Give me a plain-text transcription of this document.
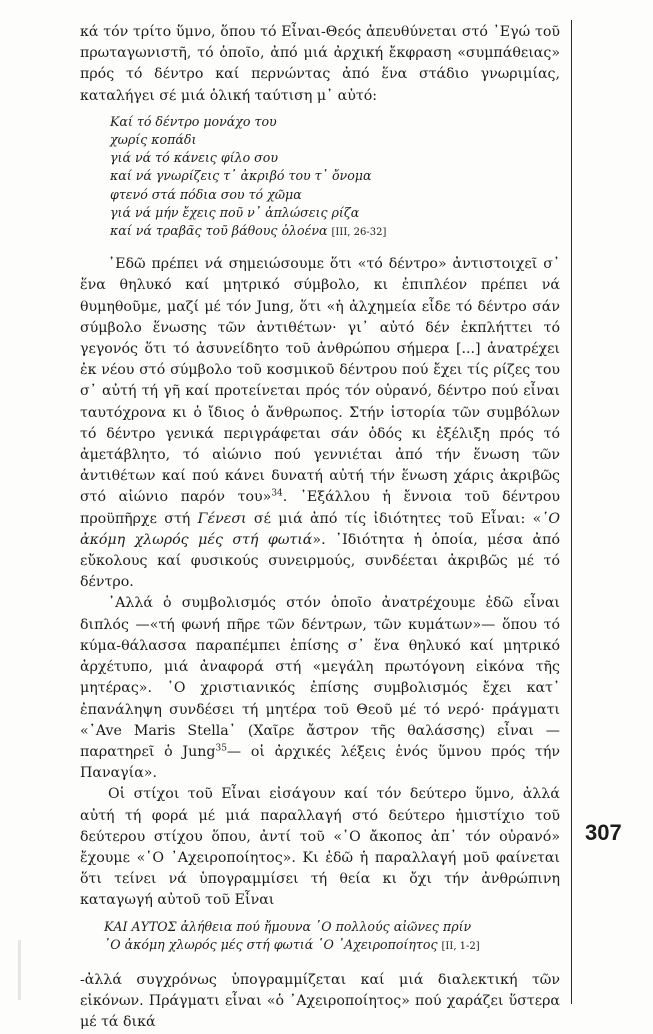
κά τόν τρίτο ὕμνο, ὅπου τό Εἶναι-Θεός ἀπευθύνεται στό ᾿Εγώ τοῦ πρωταγωνιστῆ, τό ὁποῖο, ἀπό μιά ἀρχική ἔκφραση «συμπάθειας» πρός τό δέντρο καί περνώντας ἀπό ἕνα στάδιο γνωριμίας, καταλήγει σέ μιά ὁλική ταύτιση μ᾿ αὐτό:

Καί τό δέντρο μονάχο του
χωρίς κοπάδι
γιά νά τό κάνεις φίλο σου
καί νά γνωρίζεις τ᾿ ἀκριβό του τ᾿ ὄνομα
φτενό στά πόδια σου τό χῶμα
γιά νά μήν ἔχεις ποῦ ν᾿ ἁπλώσεις ρίζα
καί νά τραβᾶς τοῦ βάθους ὁλοένα [ΙΙΙ, 26-32]

᾿Εδῶ πρέπει νά σημειώσουμε ὅτι «τό δέντρο» ἀντιστοιχεῖ σ᾿ ἕνα θηλυκό καί μητρικό σύμβολο, κι ἐπιπλέον πρέπει νά θυμηθοῦμε, μαζί μέ τόν Jung, ὅτι «ἡ ἀλχημεία εἶδε τό δέντρο σάν σύμβολο ἕνωσης τῶν ἀντιθέτων· γι᾿ αὐτό δέν ἐκπλήττει τό γεγονός ὅτι τό ἀσυνείδητο τοῦ ἀνθρώπου σήμερα [...] ἀνατρέχει ἐκ νέου στό σύμβολο τοῦ κοσμικοῦ δέντρου πού ἔχει τίς ρίζες του σ᾿ αὐτή τή γῆ καί προτείνεται πρός τόν οὐρανό, δέντρο πού εἶναι ταυτόχρονα κι ὁ ἴδιος ὁ ἄνθρωπος. Στήν ἱστορία τῶν συμβόλων τό δέντρο γενικά περιγράφεται σάν ὁδός κι ἐξέλιξη πρός τό ἀμετάβλητο, τό αἰώνιο πού γεννιέται ἀπό τήν ἕνωση τῶν ἀντιθέτων καί πού κάνει δυνατή αὐτή τήν ἕνωση χάρις ἀκριβῶς στό αἰώνιο παρόν του»$^{34}$. ᾿Εξάλλου ἡ ἔννοια τοῦ δέντρου προϋπῆρχε στή Γένεσι σέ μιά ἀπό τίς ἰδιότητες τοῦ Εἶναι: «῾Ο ἀκόμη χλωρός μές στή φωτιά». ᾿Ιδιότητα ἡ ὁποία, μέσα ἀπό εὔκολους καί φυσικούς συνειρμούς, συνδέεται ἀκριβῶς μέ τό δέντρο.

᾿Αλλά ὁ συμβολισμός στόν ὁποῖο ἀνατρέχουμε ἐδῶ εἶναι διπλός —«τή φωνή πῆρε τῶν δέντρων, τῶν κυμάτων»— ὅπου τό κύμα-θάλασσα παραπέμπει ἐπίσης σ᾿ ἕνα θηλυκό καί μητρικό ἀρχέτυπο, μιά ἀναφορά στή «μεγάλη πρωτόγονη εἰκόνα τῆς μητέρας». ῾Ο χριστιανικός ἐπίσης συμβολισμός ἔχει κατ᾿ ἐπανάληψη συνδέσει τή μητέρα τοῦ Θεοῦ μέ τό νερό· πράγματι «᾿Ave Maris Stella᾿ (Χαῖρε ἄστρον τῆς θαλάσσης) εἶναι —παρατηρεῖ ὁ Jung$^{35}$— οἱ ἀρχικές λέξεις ἑνός ὕμνου πρός τήν Παναγία».

Οἱ στίχοι τοῦ Εἶναι εἰσάγουν καί τόν δεύτερο ὕμνο, ἀλλά αὐτή τή φορά μέ μιά παραλλαγή στό δεύτερο ἡμιστίχιο τοῦ δεύτερου στίχου ὅπου, ἀντί τοῦ «῾Ο ἄκοπος ἀπ᾿ τόν οὐρανό» ἔχουμε «῾Ο ᾿Αχειροποίητος». Κι ἐδῶ ἡ παραλλαγή μοῦ φαίνεται ὅτι τείνει νά ὑπογραμμίσει τή θεία κι ὄχι τήν ἀνθρώπινη καταγωγή αὐτοῦ τοῦ Εἶναι

ΚΑΙ ΑΥΤΟΣ ἀλήθεια πού ἤμουνα ῾Ο πολλούς αἰῶνες πρίν
῾Ο ἀκόμη χλωρός μές στή φωτιά ῾Ο ᾿Αχειροποίητος [ΙΙ, 1-2]

-ἀλλά συγχρόνως ὑπογραμμίζεται καί μιά διαλεκτική τῶν εἰκόνων. Πράγματι εἶναι «ὁ ᾿Αχειροποίητος» πού χαράζει ὕστερα μέ τά δικά

307
